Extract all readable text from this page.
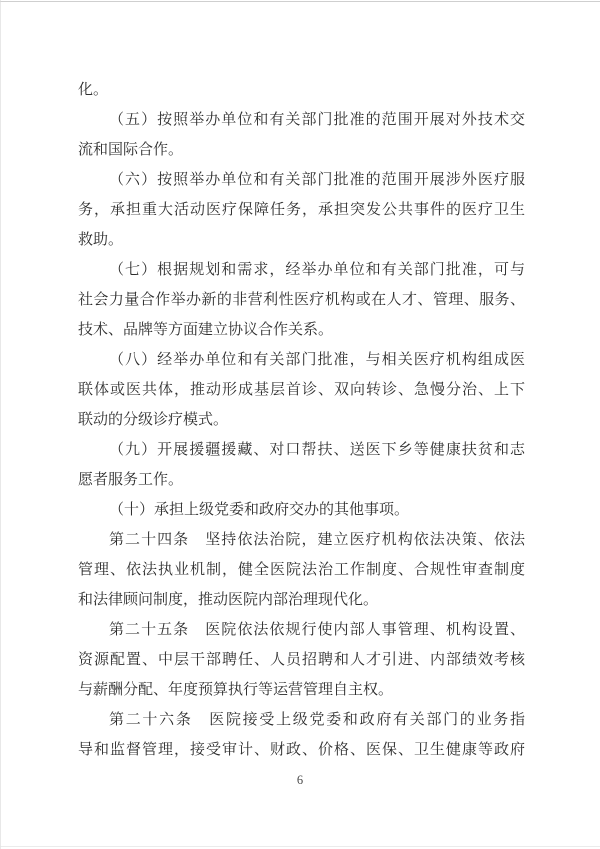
化。
（五）按照举办单位和有关部门批准的范围开展对外技术交
流和国际合作。
（六）按照举办单位和有关部门批准的范围开展涉外医疗服
务，承担重大活动医疗保障任务，承担突发公共事件的医疗卫生
救助。
（七）根据规划和需求，经举办单位和有关部门批准，可与
社会力量合作举办新的非营利性医疗机构或在人才、管理、服务、
技术、品牌等方面建立协议合作关系。
（八）经举办单位和有关部门批准，与相关医疗机构组成医
联体或医共体，推动形成基层首诊、双向转诊、急慢分治、上下
联动的分级诊疗模式。
（九）开展援疆援藏、对口帮扶、送医下乡等健康扶贫和志
愿者服务工作。
（十）承担上级党委和政府交办的其他事项。
第二十四条　坚持依法治院，建立医疗机构依法决策、依法
管理、依法执业机制，健全医院法治工作制度、合规性审查制度
和法律顾问制度，推动医院内部治理现代化。
第二十五条　医院依法依规行使内部人事管理、机构设置、
资源配置、中层干部聘任、人员招聘和人才引进、内部绩效考核
与薪酬分配、年度预算执行等运营管理自主权。
第二十六条　医院接受上级党委和政府有关部门的业务指
导和监督管理，接受审计、财政、价格、医保、卫生健康等政府
6
